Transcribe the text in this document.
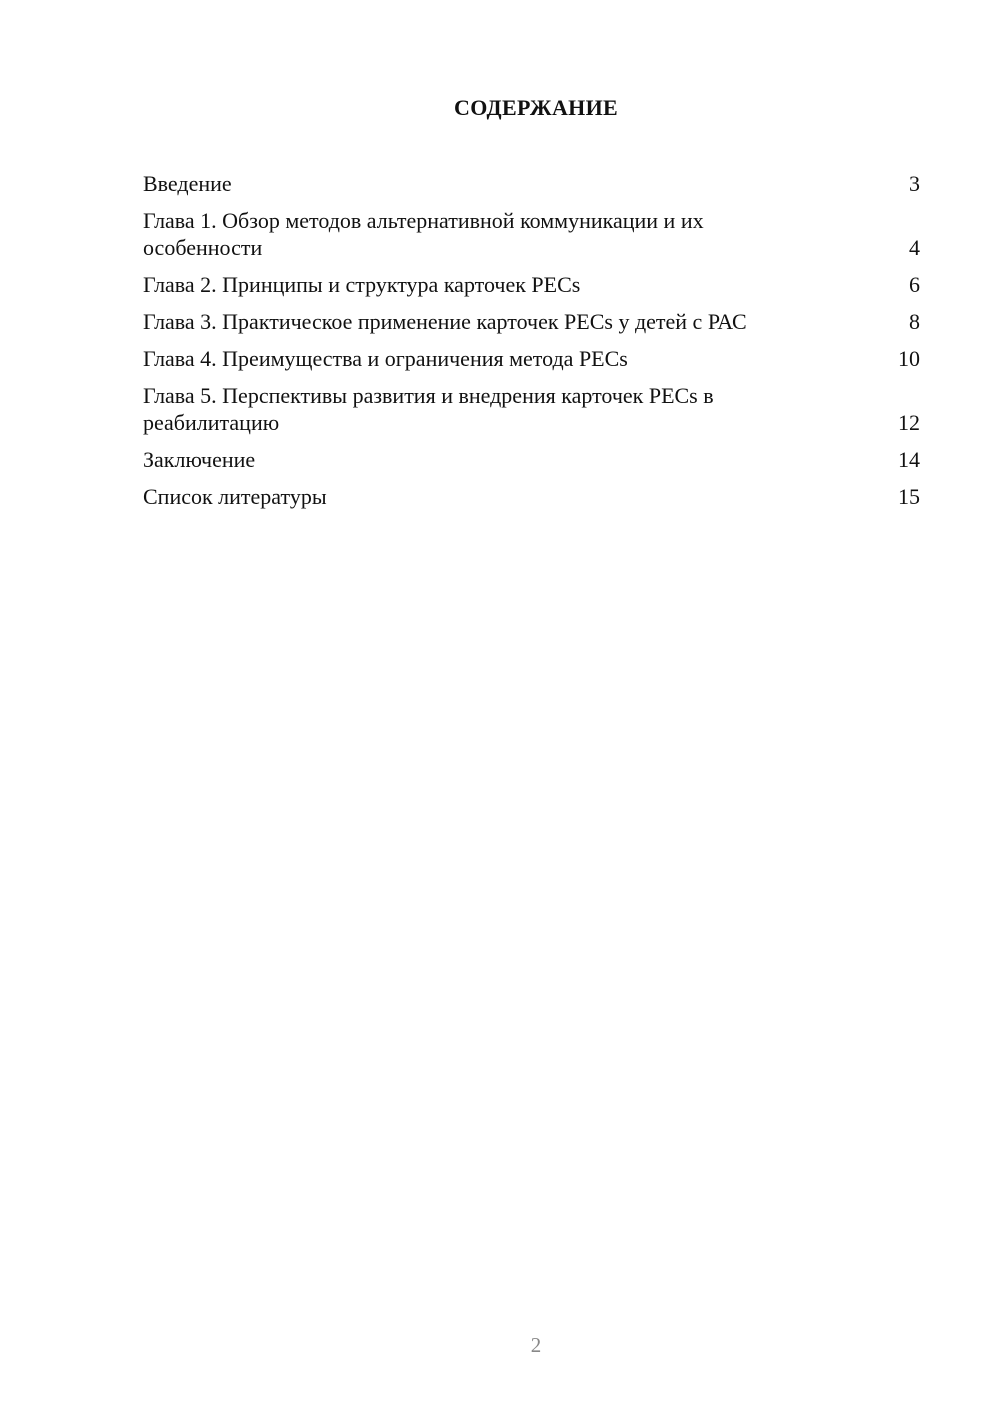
СОДЕРЖАНИЕ
Введение	3
Глава 1. Обзор методов альтернативной коммуникации и их особенности	4
Глава 2. Принципы и структура карточек PECs	6
Глава 3. Практическое применение карточек PECs у детей с РАС	8
Глава 4. Преимущества и ограничения метода PECs	10
Глава 5. Перспективы развития и внедрения карточек PECs в реабилитацию	12
Заключение	14
Список литературы	15
2
